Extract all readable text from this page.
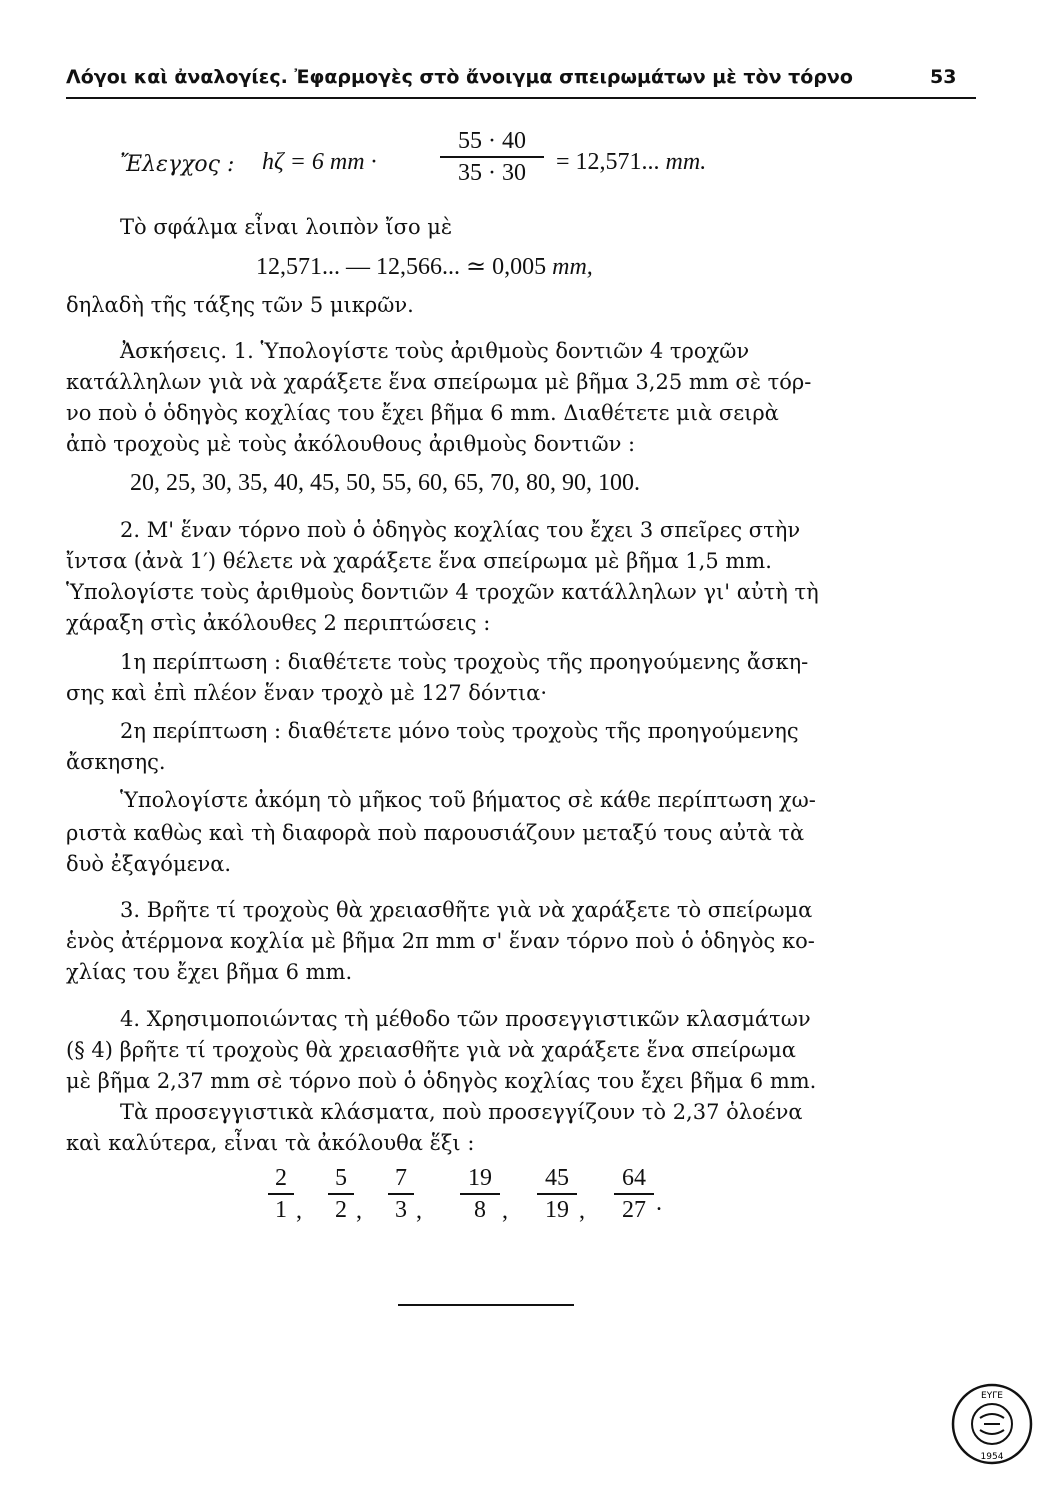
Λόγοι καὶ ἀναλογίες. Ἐφαρμογὲς στὸ ἄνοιγμα σπειρωμάτων μὲ τὸν τόρνο	53
Ἔλεγχος : hζ = 6 mm ·
55 · 40
35 · 30	= 12,571... mm.
Τὸ σφάλμα εἶναι λοιπὸν ἴσο μὲ
12,571... — 12,566... ≃ 0,005 mm,
δηλαδὴ τῆς τάξης τῶν 5 μικρῶν.
Ἀσκήσεις. 1. Ὑπολογίστε τοὺς ἀριθμοὺς δοντιῶν 4 τροχῶν
κατάλληλων γιὰ νὰ χαράξετε ἕνα σπείρωμα μὲ βῆμα 3,25 mm σὲ τόρ-
νο ποὺ ὁ ὁδηγὸς κοχλίας του ἔχει βῆμα 6 mm. Διαθέτετε μιὰ σειρὰ
ἀπὸ τροχοὺς μὲ τοὺς ἀκόλουθους ἀριθμοὺς δοντιῶν :
20, 25, 30, 35, 40, 45, 50, 55, 60, 65, 70, 80, 90, 100.
2. Μ' ἕναν τόρνο ποὺ ὁ ὁδηγὸς κοχλίας του ἔχει 3 σπεῖρες στὴν
ἴντσα (ἀνὰ 1′) θέλετε νὰ χαράξετε ἕνα σπείρωμα μὲ βῆμα 1,5 mm.
Ὑπολογίστε τοὺς ἀριθμοὺς δοντιῶν 4 τροχῶν κατάλληλων γι' αὐτὴ τὴ
χάραξη στὶς ἀκόλουθες 2 περιπτώσεις :
1η περίπτωση : διαθέτετε τοὺς τροχοὺς τῆς προηγούμενης ἄσκη-
σης καὶ ἐπὶ πλέον ἕναν τροχὸ μὲ 127 δόντια·
2η περίπτωση : διαθέτετε μόνο τοὺς τροχοὺς τῆς προηγούμενης
ἄσκησης.
Ὑπολογίστε ἀκόμη τὸ μῆκος τοῦ βήματος σὲ κάθε περίπτωση χω-
ριστὰ καθὼς καὶ τὴ διαφορὰ ποὺ παρουσιάζουν μεταξύ τους αὐτὰ τὰ
δυὸ ἐξαγόμενα.
3. Βρῆτε τί τροχοὺς θὰ χρειασθῆτε γιὰ νὰ χαράξετε τὸ σπείρωμα
ἑνὸς ἀτέρμονα κοχλία μὲ βῆμα 2π mm σ' ἕναν τόρνο ποὺ ὁ ὁδηγὸς κο-
χλίας του ἔχει βῆμα 6 mm.
4. Χρησιμοποιώντας τὴ μέθοδο τῶν προσεγγιστικῶν κλασμάτων
(§ 4) βρῆτε τί τροχοὺς θὰ χρειασθῆτε γιὰ νὰ χαράξετε ἕνα σπείρωμα
μὲ βῆμα 2,37 mm σὲ τόρνο ποὺ ὁ ὁδηγὸς κοχλίας του ἔχει βῆμα 6 mm.
Τὰ προσεγγιστικὰ κλάσματα, ποὺ προσεγγίζουν τὸ 2,37 ὁλοένα
καὶ καλύτερα, εἶναι τὰ ἀκόλουθα ἕξι :
2
1 ,
5
2 ,
7
3 ,
19
8 ,
45
19 ,
64
27 .
ΕΥΓΕ
1954
